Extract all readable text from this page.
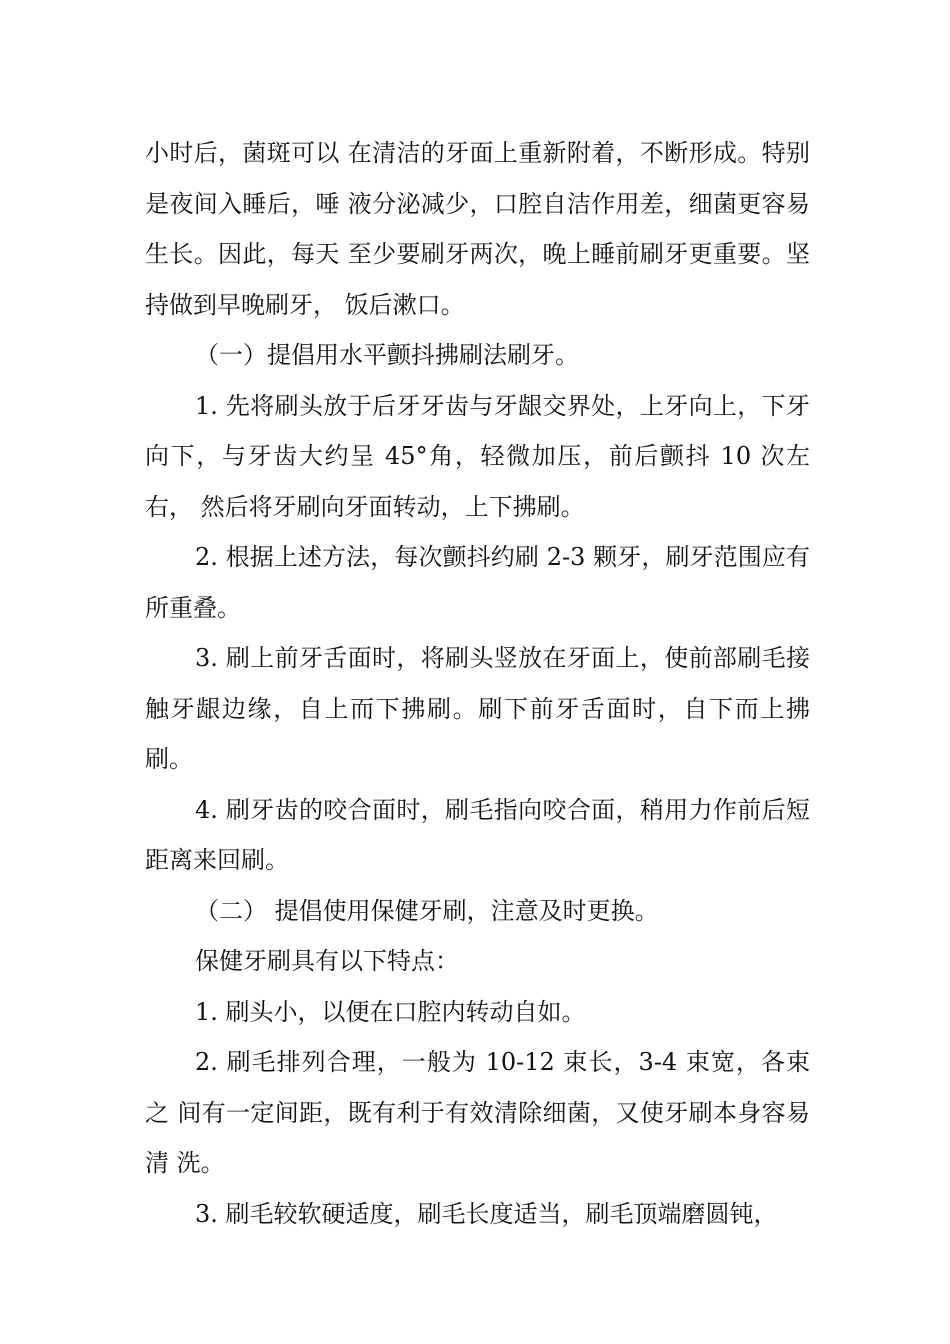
小时后，菌斑可以 在清洁的牙面上重新附着，不断形成。特别是夜间入睡后，唾 液分泌减少，口腔自洁作用差，细菌更容易生长。因此，每天 至少要刷牙两次，晚上睡前刷牙更重要。坚持做到早晚刷牙， 饭后漱口。

（一）提倡用水平颤抖拂刷法刷牙。

1. 先将刷头放于后牙牙齿与牙龈交界处，上牙向上，下牙 向下，与牙齿大约呈 45°角，轻微加压，前后颤抖 10 次左右， 然后将牙刷向牙面转动，上下拂刷。

2. 根据上述方法，每次颤抖约刷 2-3 颗牙，刷牙范围应有 所重叠。

3. 刷上前牙舌面时，将刷头竖放在牙面上，使前部刷毛接 触牙龈边缘，自上而下拂刷。刷下前牙舌面时，自下而上拂刷。

4. 刷牙齿的咬合面时，刷毛指向咬合面，稍用力作前后短 距离来回刷。

（二） 提倡使用保健牙刷，注意及时更换。

保健牙刷具有以下特点：

1. 刷头小，以便在口腔内转动自如。

2. 刷毛排列合理，一般为 10-12 束长，3-4 束宽，各束之 间有一定间距，既有利于有效清除细菌，又使牙刷本身容易清 洗。

3. 刷毛较软硬适度，刷毛长度适当，刷毛顶端磨圆钝，
